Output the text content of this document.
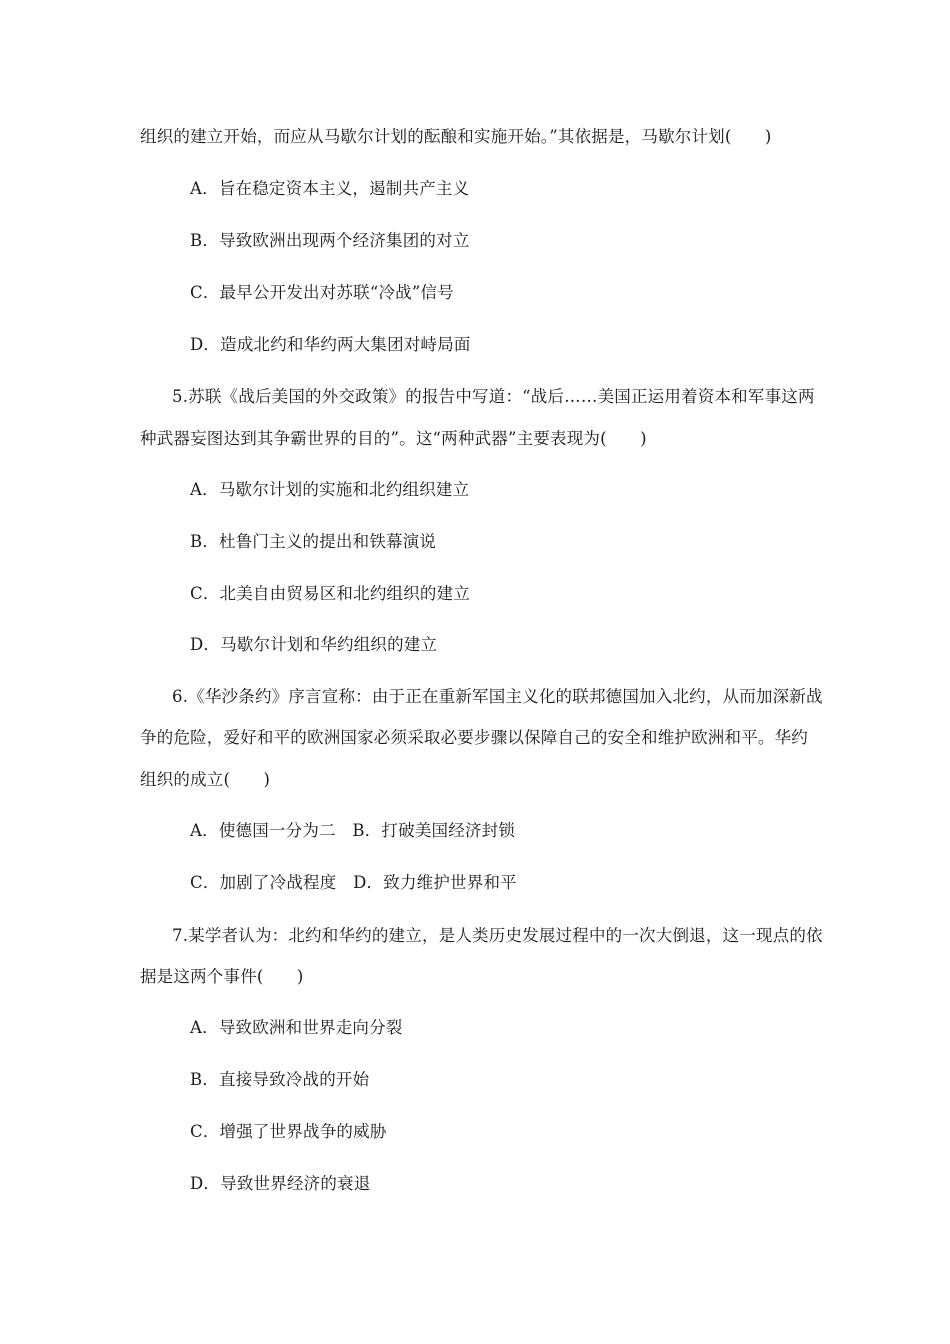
组织的建立开始，而应从马歇尔计划的酝酿和实施开始。”其依据是，马歇尔计划(　　)
A．旨在稳定资本主义，遏制共产主义
B．导致欧洲出现两个经济集团的对立
C．最早公开发出对苏联“冷战”信号
D．造成北约和华约两大集团对峙局面
5.苏联《战后美国的外交政策》的报告中写道：“战后……美国正运用着资本和军事这两
种武器妄图达到其争霸世界的目的”。这“两种武器”主要表现为(　　)
A．马歇尔计划的实施和北约组织建立
B．杜鲁门主义的提出和铁幕演说
C．北美自由贸易区和北约组织的建立
D．马歇尔计划和华约组织的建立
6.《华沙条约》序言宣称：由于正在重新军国主义化的联邦德国加入北约，从而加深新战
争的危险，爱好和平的欧洲国家必须采取必要步骤以保障自己的安全和维护欧洲和平。华约
组织的成立(　　)
A．使德国一分为二　B．打破美国经济封锁
C．加剧了冷战程度　D．致力维护世界和平
7.某学者认为：北约和华约的建立，是人类历史发展过程中的一次大倒退，这一现点的依
据是这两个事件(　　)
A．导致欧洲和世界走向分裂
B．直接导致冷战的开始
C．增强了世界战争的威胁
D．导致世界经济的衰退
